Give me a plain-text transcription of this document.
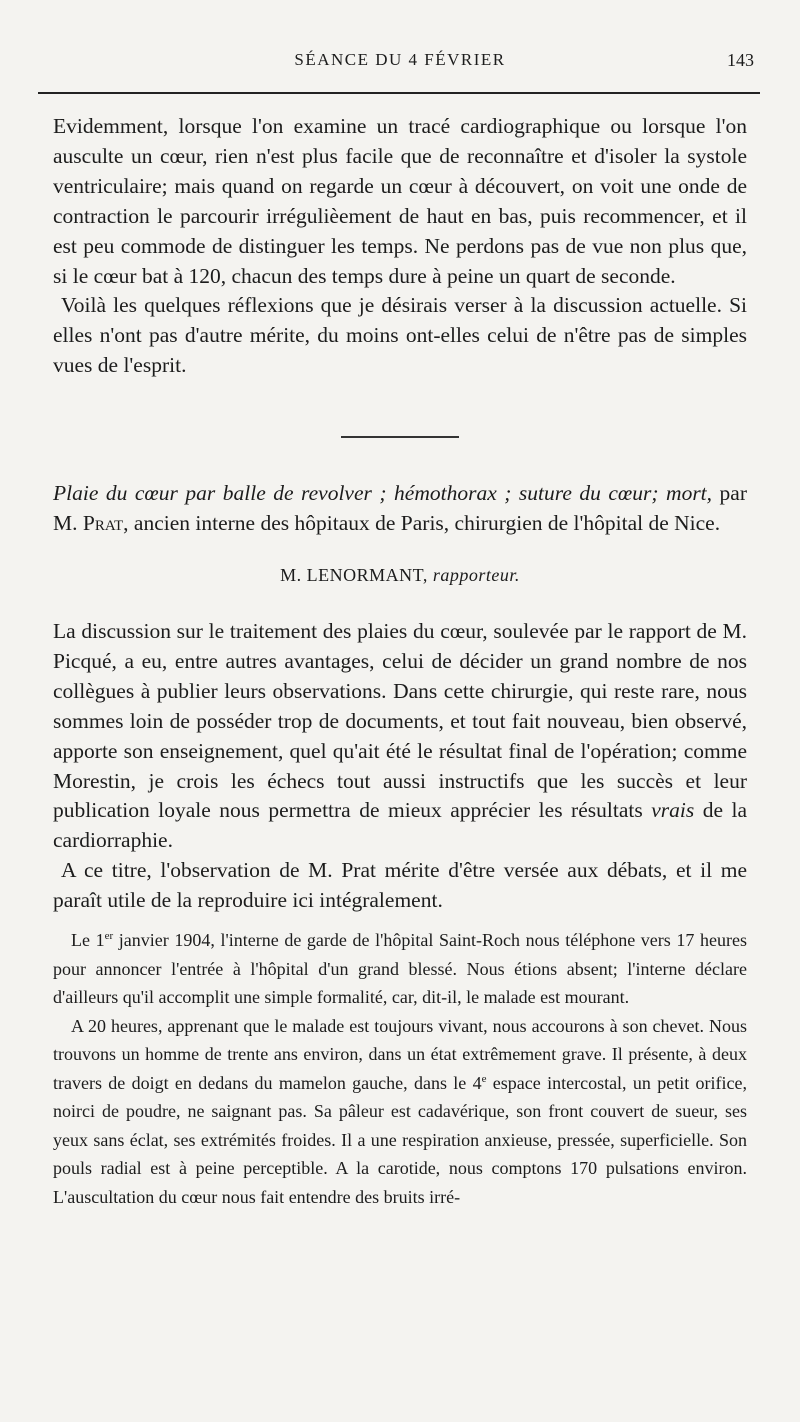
SÉANCE DU 4 FÉVRIER	143

Evidemment, lorsque l'on examine un tracé cardiographique ou lorsque l'on ausculte un cœur, rien n'est plus facile que de reconnaître et d'isoler la systole ventriculaire; mais quand on regarde un cœur à découvert, on voit une onde de contraction le parcourir irréguliѐement de haut en bas, puis recommencer, et il est peu commode de distinguer les temps. Ne perdons pas de vue non plus que, si le cœur bat à 120, chacun des temps dure à peine un quart de seconde.

Voilà les quelques réflexions que je désirais verser à la discussion actuelle. Si elles n'ont pas d'autre mérite, du moins ont-elles celui de n'être pas de simples vues de l'esprit.

Plaie du cœur par balle de revolver ; hémothorax ; suture du cœur; mort, par M. Prat, ancien interne des hôpitaux de Paris, chirurgien de l'hôpital de Nice.

M. LENORMANT, rapporteur.

La discussion sur le traitement des plaies du cœur, soulevée par le rapport de M. Picqué, a eu, entre autres avantages, celui de décider un grand nombre de nos collègues à publier leurs observations. Dans cette chirurgie, qui reste rare, nous sommes loin de posséder trop de documents, et tout fait nouveau, bien observé, apporte son enseignement, quel qu'ait été le résultat final de l'opération; comme Morestin, je crois les échecs tout aussi instructifs que les succès et leur publication loyale nous permettra de mieux apprécier les résultats vrais de la cardiorraphie.

A ce titre, l'observation de M. Prat mérite d'être versée aux débats, et il me paraît utile de la reproduire ici intégralement.

Le 1er janvier 1904, l'interne de garde de l'hôpital Saint-Roch nous téléphone vers 17 heures pour annoncer l'entrée à l'hôpital d'un grand blessé. Nous étions absent; l'interne déclare d'ailleurs qu'il accomplit une simple formalité, car, dit-il, le malade est mourant.

A 20 heures, apprenant que le malade est toujours vivant, nous accourons à son chevet. Nous trouvons un homme de trente ans environ, dans un état extrêmement grave. Il présente, à deux travers de doigt en dedans du mamelon gauche, dans le 4e espace intercostal, un petit orifice, noirci de poudre, ne saignant pas. Sa pâleur est cadavérique, son front couvert de sueur, ses yeux sans éclat, ses extrémités froides. Il a une respiration anxieuse, pressée, superficielle. Son pouls radial est à peine perceptible. A la carotide, nous comptons 170 pulsations environ. L'auscultation du cœur nous fait entendre des bruits irré-
